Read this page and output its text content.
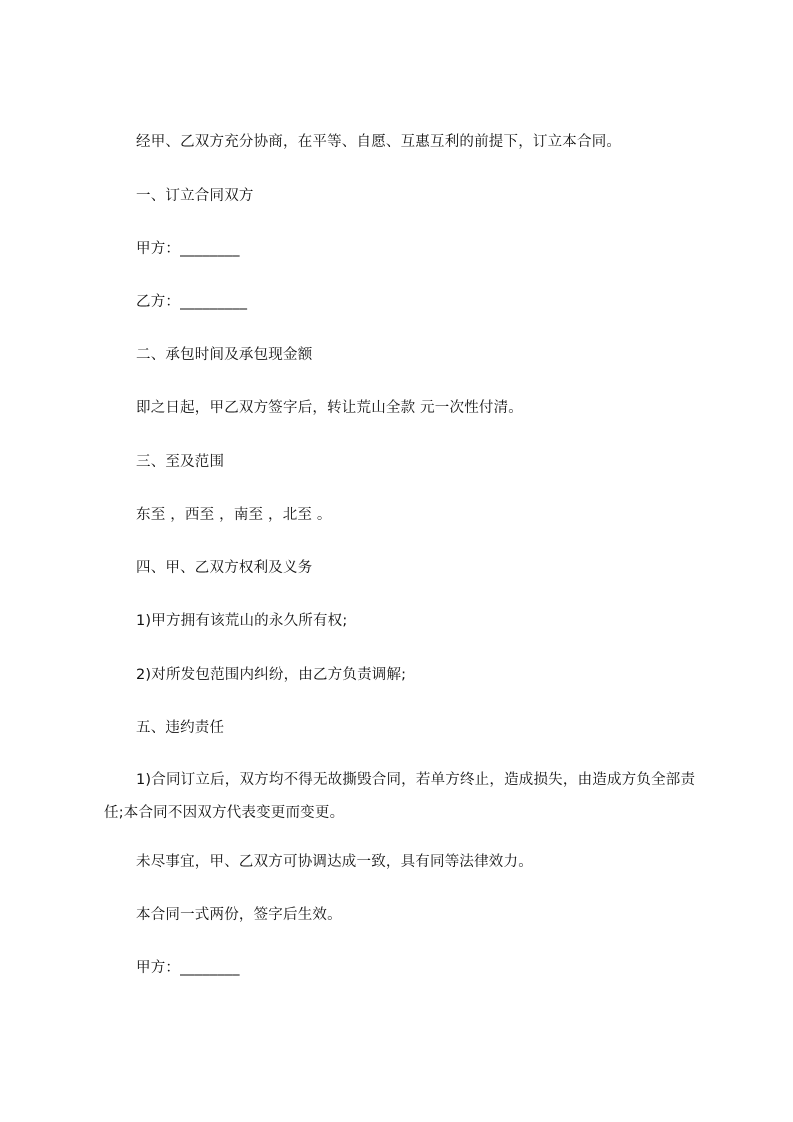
经甲、乙双方充分协商，在平等、自愿、互惠互利的前提下，订立本合同。
一、订立合同双方
甲方：________
乙方：_________
二、承包时间及承包现金额
即之日起，甲乙双方签字后，转让荒山全款 元一次性付清。
三、至及范围
东至 ，西至 ，南至 ，北至 。
四、甲、乙双方权利及义务
1)甲方拥有该荒山的永久所有权;
2)对所发包范围内纠纷，由乙方负责调解;
五、违约责任
1)合同订立后，双方均不得无故撕毁合同，若单方终止，造成损失，由造成方负全部责任;本合同不因双方代表变更而变更。
未尽事宜，甲、乙双方可协调达成一致，具有同等法律效力。
本合同一式两份，签字后生效。
甲方：________
